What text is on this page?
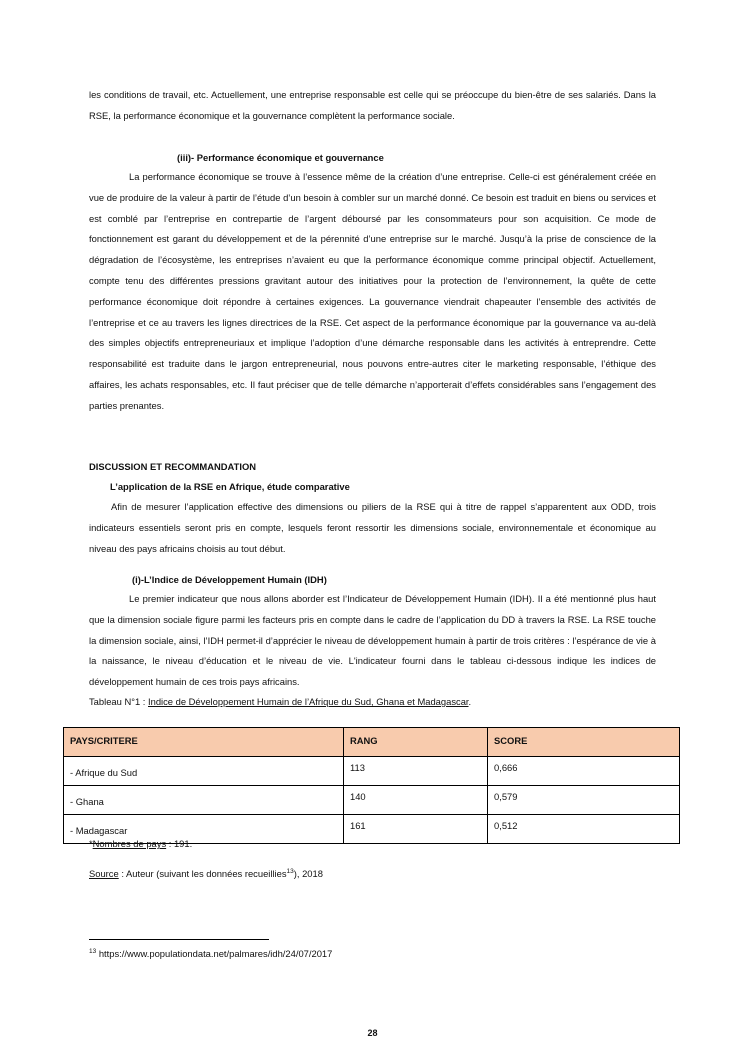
les conditions de travail, etc. Actuellement, une entreprise responsable est celle qui se préoccupe du bien-être de ses salariés. Dans la RSE, la performance économique et la gouvernance complètent la performance sociale.

(iii)- Performance économique et gouvernance

La performance économique se trouve à l’essence même de la création d’une entreprise. Celle-ci est généralement créée en vue de produire de la valeur à partir de l’étude d’un besoin à combler sur un marché donné. Ce besoin est traduit en biens ou services et est comblé par l’entreprise en contrepartie de l’argent déboursé par les consommateurs pour son acquisition. Ce mode de fonctionnement est garant du développement et de la pérennité d’une entreprise sur le marché. Jusqu’à la prise de conscience de la dégradation de l’écosystème, les entreprises n’avaient eu que la performance économique comme principal objectif. Actuellement, compte tenu des différentes pressions gravitant autour des initiatives pour la protection de l’environnement, la quête de cette performance économique doit répondre à certaines exigences. La gouvernance viendrait chapeauter l’ensemble des activités de l’entreprise et ce au travers les lignes directrices de la RSE. Cet aspect de la performance économique par la gouvernance va au-delà des simples objectifs entrepreneuriaux et implique l’adoption d’une démarche responsable dans les activités à entreprendre. Cette responsabilité est traduite dans le jargon entrepreneurial, nous pouvons entre-autres citer le marketing responsable, l’éthique des affaires, les achats responsables, etc. Il faut préciser que de telle démarche n’apporterait d’effets considérables sans l’engagement des parties prenantes.

DISCUSSION ET RECOMMANDATION

L’application de la RSE en Afrique, étude comparative

Afin de mesurer l’application effective des dimensions ou piliers de la RSE qui à titre de rappel s’apparentent aux ODD, trois indicateurs essentiels seront pris en compte, lesquels feront ressortir les dimensions sociale, environnementale et économique au niveau des pays africains choisis au tout début.

(i)-L’Indice de Développement Humain (IDH)

Le premier indicateur que nous allons aborder est l’Indicateur de Développement Humain (IDH). Il a été mentionné plus haut que la dimension sociale figure parmi les facteurs pris en compte dans le cadre de l’application du DD à travers la RSE. La RSE touche la dimension sociale, ainsi, l’IDH permet-il d’apprécier le niveau de développement humain à partir de trois critères : l’espérance de vie à la naissance, le niveau d’éducation et le niveau de vie. L'indicateur fourni dans le tableau ci-dessous indique les indices de développement humain de ces trois pays africains.

Tableau N°1 : Indice de Développement Humain de l’Afrique du Sud, Ghana et Madagascar.

PAYS/CRITERE	RANG	SCORE
- Afrique du Sud	113	0,666
- Ghana	140	0,579
- Madagascar	161	0,512

*Nombres de pays : 191.

Source : Auteur (suivant les données recueillies$^{13}$), 2018

$^{13}$ https://www.populationdata.net/palmares/idh/24/07/2017

28
